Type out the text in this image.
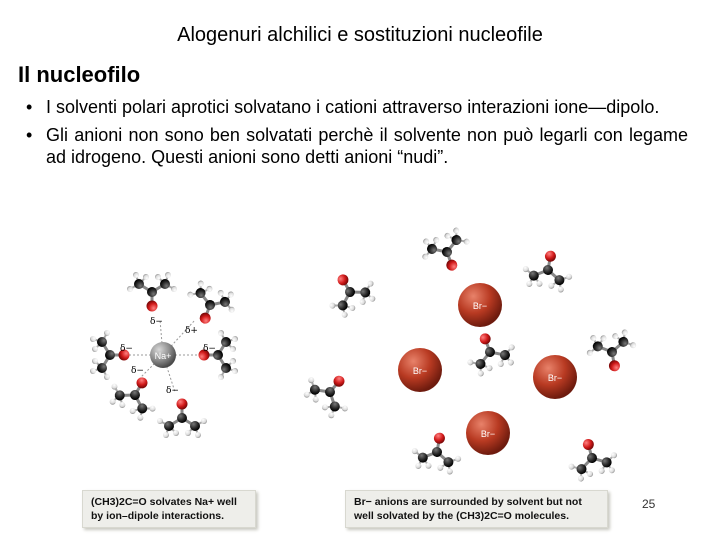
Alogenuri alchilici e sostituzioni nucleofile
Il nucleofilo
• I solventi polari aprotici solvatano i cationi attraverso interazioni ione—dipolo.
• Gli anioni non sono ben solvatati perchè il solvente non può legarli con legame ad idrogeno. Questi anioni sono detti anioni “nudi”.
Na+
δ−
δ+
δ−	δ−
δ−
δ−
Br−
Br−
Br−
Br−
(CH3)2C=O solvates Na+ well by ion–dipole interactions.
Br− anions are surrounded by solvent but not well solvated by the (CH3)2C=O molecules.
25
